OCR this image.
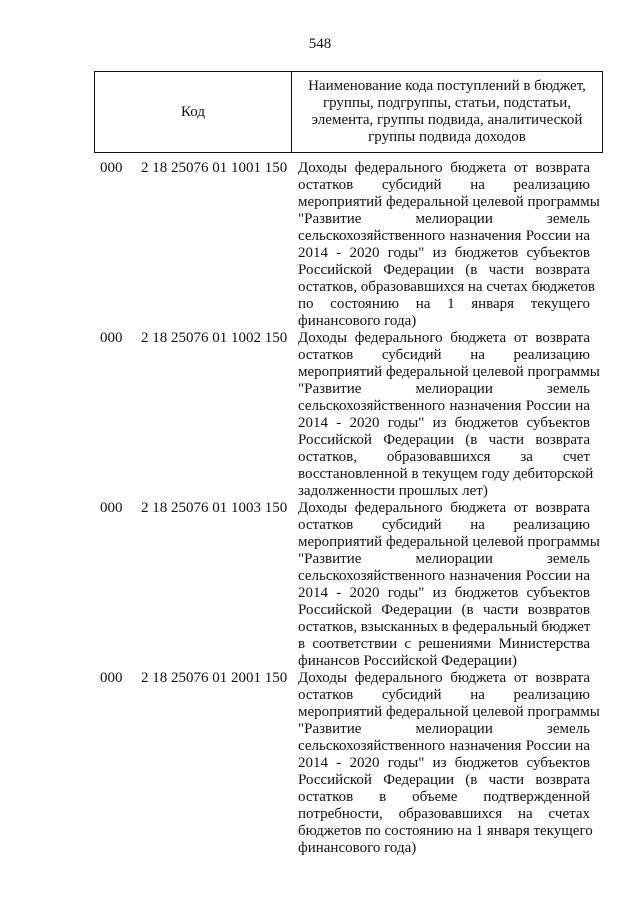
548
Код	Наименование кода поступлений в бюджет,
группы, подгруппы, статьи, подстатьи,
элемента, группы подвида, аналитической
группы подвида доходов
000 2 18 25076 01 1001 150 Доходы федерального бюджета от возврата
остатков субсидий на реализацию
мероприятий федеральной целевой программы
"Развитие мелиорации земель
сельскохозяйственного назначения России на
2014 - 2020 годы" из бюджетов субъектов
Российской Федерации (в части возврата
остатков, образовавшихся на счетах бюджетов
по состоянию на 1 января текущего
финансового года)
000 2 18 25076 01 1002 150 Доходы федерального бюджета от возврата
остатков субсидий на реализацию
мероприятий федеральной целевой программы
"Развитие мелиорации земель
сельскохозяйственного назначения России на
2014 - 2020 годы" из бюджетов субъектов
Российской Федерации (в части возврата
остатков, образовавшихся за счет
восстановленной в текущем году дебиторской
задолженности прошлых лет)
000 2 18 25076 01 1003 150 Доходы федерального бюджета от возврата
остатков субсидий на реализацию
мероприятий федеральной целевой программы
"Развитие мелиорации земель
сельскохозяйственного назначения России на
2014 - 2020 годы" из бюджетов субъектов
Российской Федерации (в части возвратов
остатков, взысканных в федеральный бюджет
в соответствии с решениями Министерства
финансов Российской Федерации)
000 2 18 25076 01 2001 150 Доходы федерального бюджета от возврата
остатков субсидий на реализацию
мероприятий федеральной целевой программы
"Развитие мелиорации земель
сельскохозяйственного назначения России на
2014 - 2020 годы" из бюджетов субъектов
Российской Федерации (в части возврата
остатков в объеме подтвержденной
потребности, образовавшихся на счетах
бюджетов по состоянию на 1 января текущего
финансового года)
